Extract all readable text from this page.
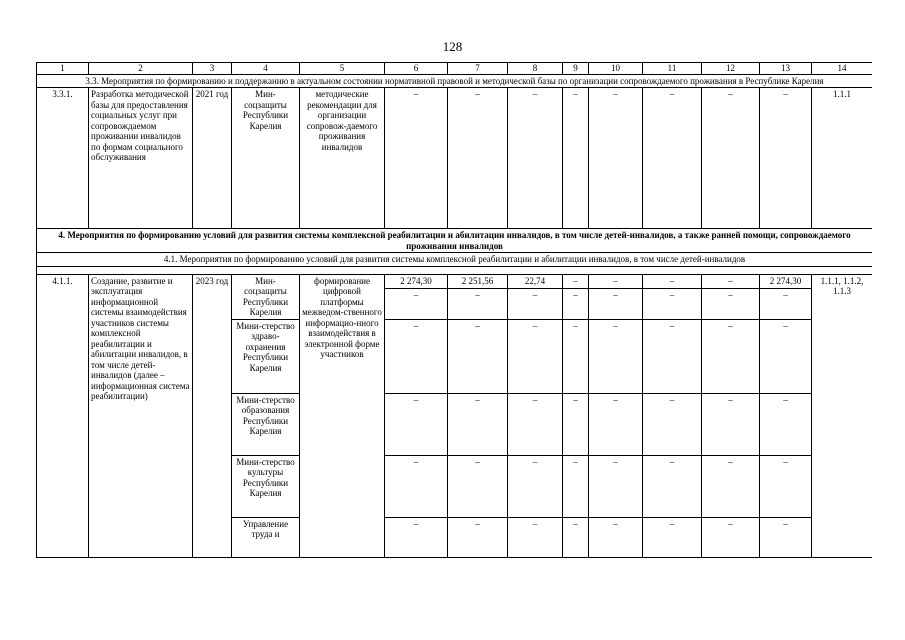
128
1	2	3	4	5	6	7	8	9	10	11	12	13	14
3.3. Мероприятия по формированию и поддержанию в актуальном состоянии нормативной правовой и методической базы по организации сопровождаемого проживания в Республике Карелия													
3.3.1.	Разработка методической базы для предоставления социальных услуг при сопровождаемом проживании инвалидов по формам социального обслуживания	2021 год	Мин-соцзащиты Республики Карелия	методические рекомендации для организации сопровож-даемого проживания инвалидов	–	–	–	–	–	–	–	–	1.1.1
4. Мероприятия по формированию условий для развития системы комплексной реабилитации и абилитации инвалидов, в том числе детей-инвалидов, а также ранней помощи, сопровождаемого проживания инвалидов													
4.1. Мероприятия по формированию условий для развития системы комплексной реабилитации и абилитации инвалидов, в том числе детей-инвалидов													

4.1.1.	Создание, развитие и эксплуатация информационной системы взаимодействия участников системы комплексной реабилитации и абилитации инвалидов, в том числе детей-инвалидов (далее – информационная система реабилитации)	2023 год	Мин-соцзащиты Республики Карелия	формирование цифровой платформы межведом-ственного информацио-нного взаимодействия в электронной форме участников	2 274,30	2 251,56	22,74	–	–	–	–	2 274,30	1.1.1, 1.1.2, 1.1.3
					–	–	–	–	–	–	–	–	
			Мини-стерство здраво-охранения Республики Карелия		–	–	–	–	–	–	–	–	
			Мини-стерство образования Республики Карелия		–	–	–	–	–	–	–	–	
			Мини-стерство культуры Республики Карелия		–	–	–	–	–	–	–	–	
			Управление труда и		–	–	–	–	–	–	–	–	
